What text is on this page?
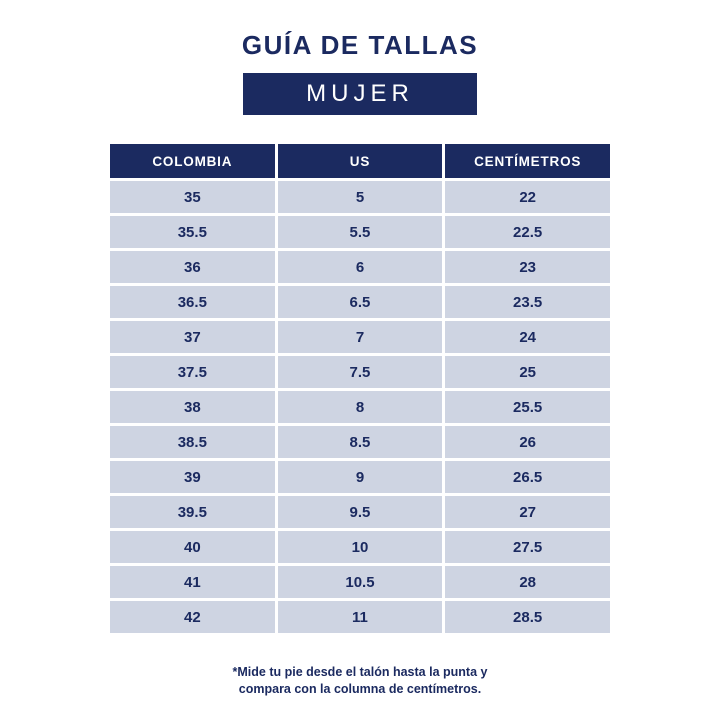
GUÍA DE TALLAS
MUJER
COLOMBIA	US	CENTÍMETROS
35	5	22
35.5	5.5	22.5
36	6	23
36.5	6.5	23.5
37	7	24
37.5	7.5	25
38	8	25.5
38.5	8.5	26
39	9	26.5
39.5	9.5	27
40	10	27.5
41	10.5	28
42	11	28.5
*Mide tu pie desde el talón hasta la punta y
compara con la columna de centímetros.
